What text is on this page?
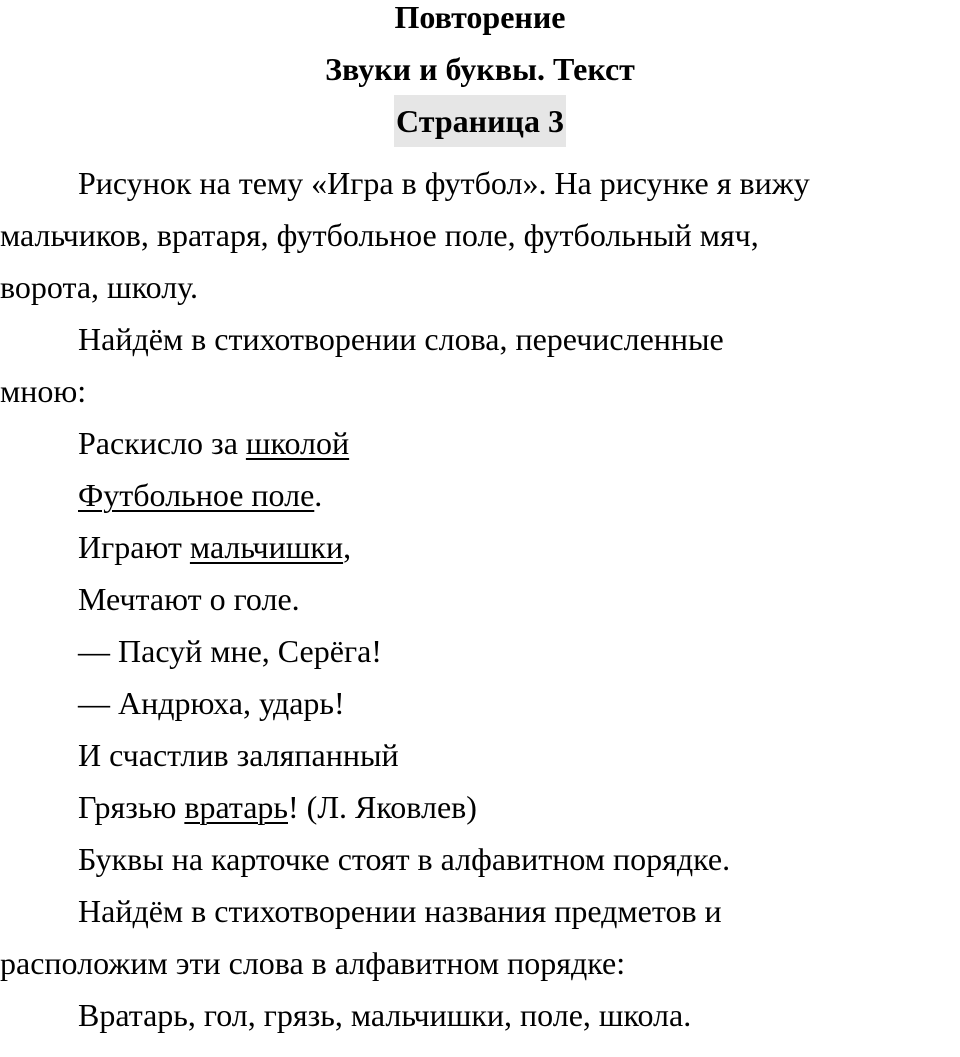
Повторение
Звуки и буквы. Текст
Страница 3
Рисунок на тему «Игра в футбол». На рисунке я вижу
мальчиков, вратаря, футбольное поле, футбольный мяч,
ворота, школу.
Найдём в стихотворении слова, перечисленные
мною:
Раскисло за школой
Футбольное поле.
Играют мальчишки,
Мечтают о голе.
— Пасуй мне, Серёга!
— Андрюха, ударь!
И счастлив заляпанный
Грязью вратарь! (Л. Яковлев)
Буквы на карточке стоят в алфавитном порядке.
Найдём в стихотворении названия предметов и
расположим эти слова в алфавитном порядке:
Вратарь, гол, грязь, мальчишки, поле, школа.
